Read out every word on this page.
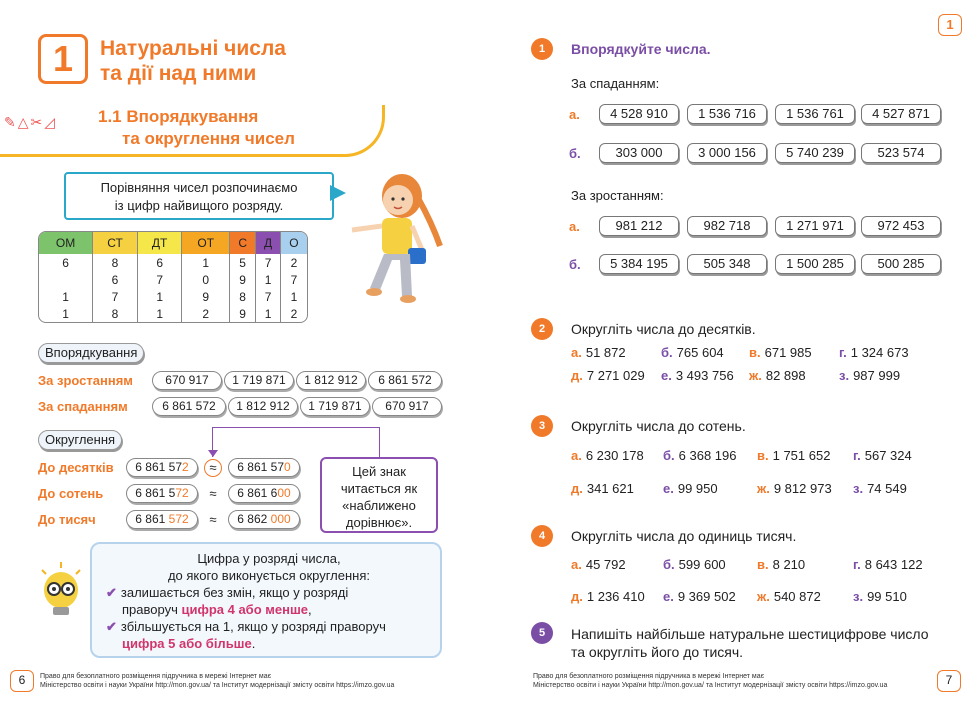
1	Натуральні числа
та дії над ними
✎△✂◿ 1.1 Впорядкування
та округлення чисел
Порівняння чисел розпочинаємо
із цифр найвищого розряду.
ОМ	СТ	ДТ	ОТ	С	Д	О
6	8	6	1	5	7	2
	6	7	0	9	1	7
1	7	1	9	8	7	1
1	8	1	2	9	1	2
Впорядкування
За зростанням	670 917	1 719 871	1 812 912	6 861 572
За спаданням	6 861 572	1 812 912	1 719 871	670 917
Округлення
До десятків	6 861 572	≈	6 861 570
До сотень	6 861 572	≈	6 861 600
До тисяч	6 861 572	≈	6 862 000
Цей знак
читається як
«наближено
дорівнює».
Цифра у розряді числа,
до якого виконується округлення:
✔ залишається без змін, якщо у розряді
праворуч цифра 4 або менше,
✔ збільшується на 1, якщо у розряді праворуч
цифра 5 або більше.
6	Право для безоплатного розміщення підручника в мережі Інтернет має
Міністерство освіти і науки України http://mon.gov.ua/ та Інститут модернізації змісту освіти https://imzo.gov.ua
1
1	Впорядкуйте числа.
За спаданням:
а.	4 528 910	1 536 716	1 536 761	4 527 871
б.	303 000	3 000 156	5 740 239	523 574
За зростанням:
а.	981 212	982 718	1 271 971	972 453
б.	5 384 195	505 348	1 500 285	500 285
2	Округліть числа до десятків.
а. 51 872	б. 765 604 в. 671 985 г. 1 324 673
д. 7 271 029 е. 3 493 756 ж. 82 898	з. 987 999
3	Округліть числа до сотень.
а. 6 230 178 б. 6 368 196 в. 1 751 652 г. 567 324
д. 341 621 е. 99 950	ж. 9 812 973 з. 74 549
4	Округліть числа до одиниць тисяч.
а. 45 792	б. 599 600 в. 8 210	г. 8 643 122
д. 1 236 410 е. 9 369 502 ж. 540 872 з. 99 510
5	Напишіть найбільше натуральне шестицифрове число
та округліть його до тисяч.
Право для безоплатного розміщення підручника в мережі Інтернет має
Міністерство освіти і науки України http://mon.gov.ua/ та Інститут модернізації змісту освіти https://imzo.gov.ua	7
